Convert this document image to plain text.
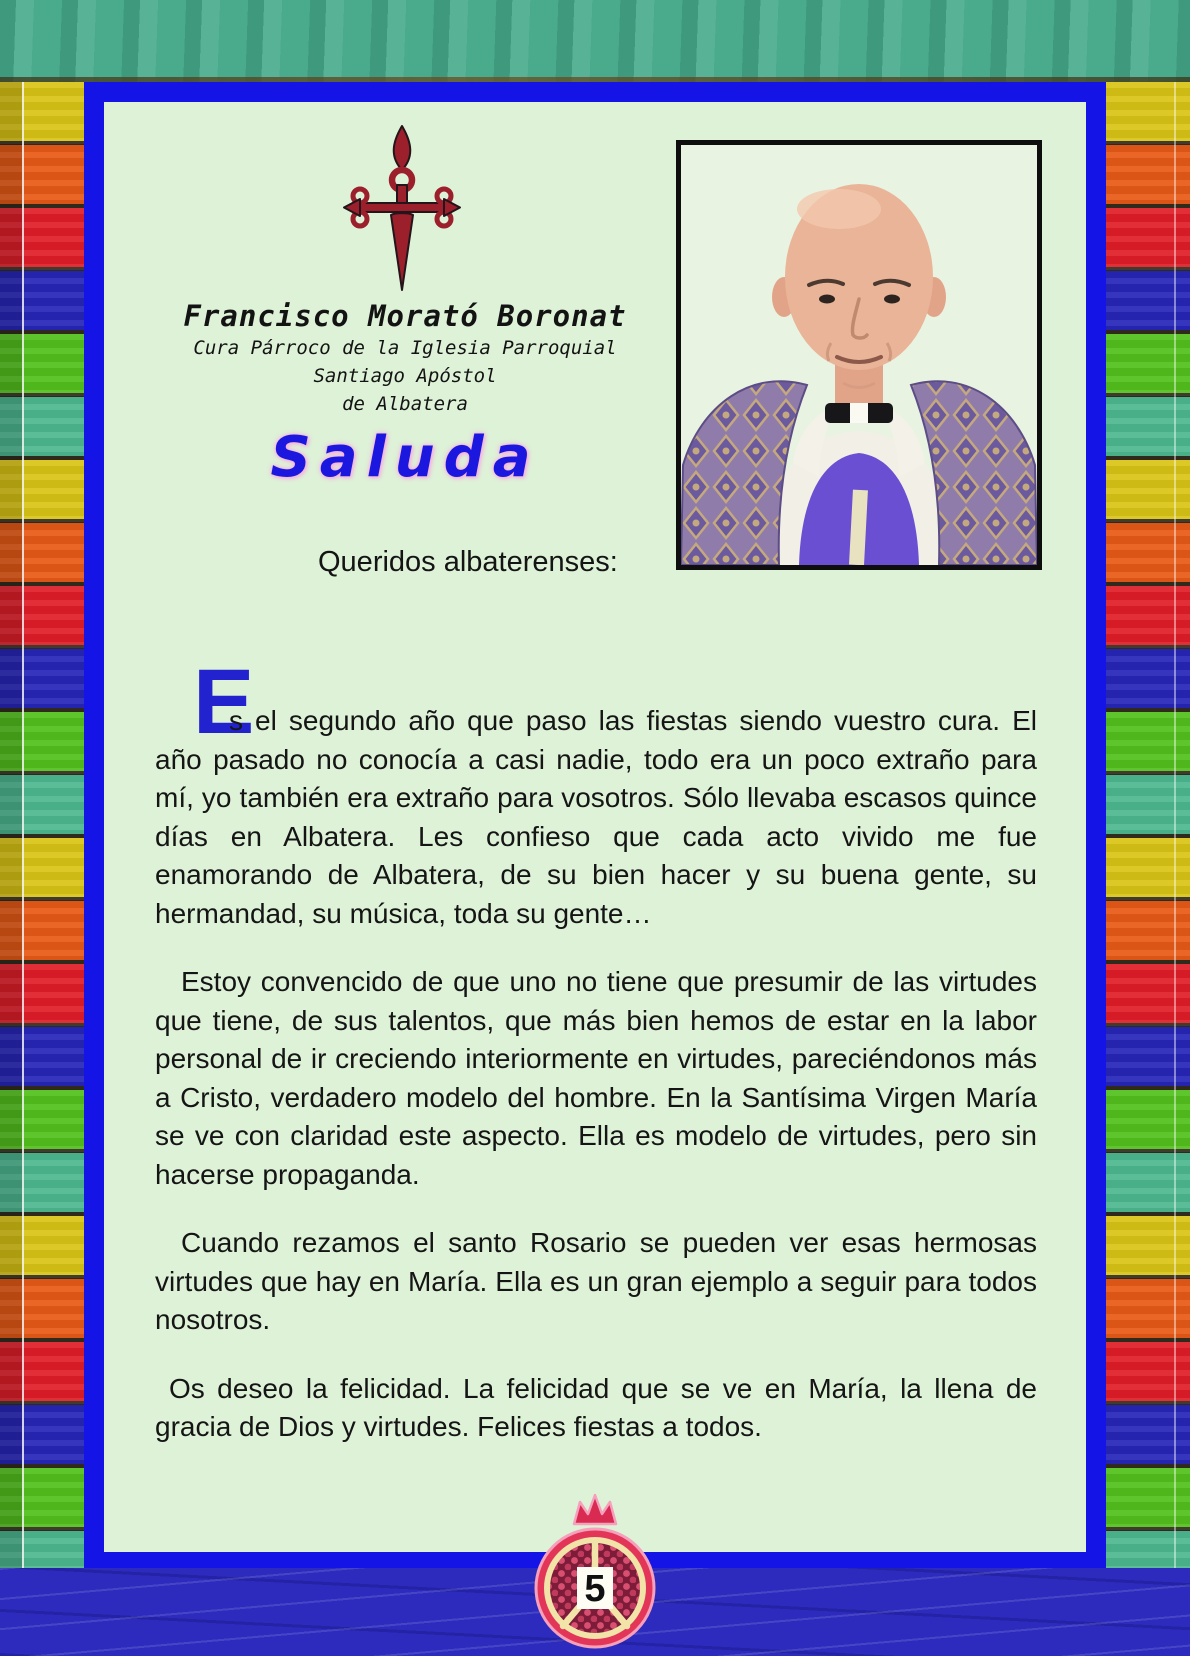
Francisco Morató Boronat
Cura Párroco de la Iglesia Parroquial
Santiago Apóstol
de Albatera
Saluda
Queridos albaterenses:
E

s el segundo año que paso las fiestas siendo vuestro cura. El año pasado no conocía a casi nadie, todo era un poco extraño para mí, yo también era extraño para vosotros. Sólo llevaba escasos quince días en Albatera. Les confieso que cada acto vivido me fue enamorando de Albatera, de su bien hacer y su buena gente, su hermandad, su música, toda su gente…

Estoy convencido de que uno no tiene que presumir de las virtudes que tiene, de sus talentos, que más bien hemos de estar en la labor personal de ir creciendo interiormente en virtudes, pareciéndonos más a Cristo, verdadero modelo del hombre. En la Santísima Virgen María se ve con claridad este aspecto. Ella es modelo de virtudes, pero sin hacerse propaganda.

Cuando rezamos el santo Rosario se pueden ver esas hermosas virtudes que hay en María. Ella es un gran ejemplo a seguir para todos nosotros.

Os deseo la felicidad. La felicidad que se ve en María, la llena de gracia de Dios y virtudes. Felices fiestas a todos.

5
